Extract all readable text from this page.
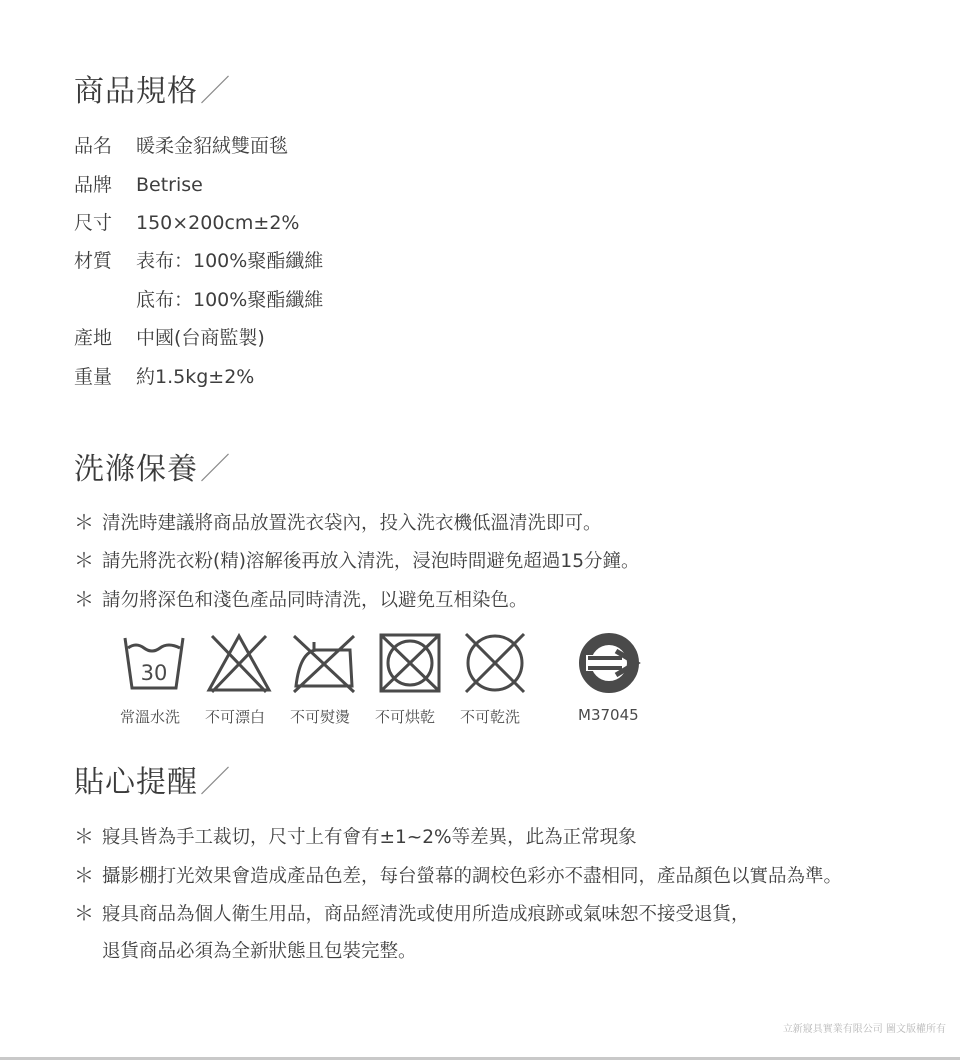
商品規格／
品名 暖柔金貂絨雙面毯
品牌 Betrise
尺寸 150×200cm±2%
材質 表布：100%聚酯纖維
底布：100%聚酯纖維
產地 中國(台商監製)
重量 約1.5kg±2%
洗滌保養／
＊ 清洗時建議將商品放置洗衣袋內，投入洗衣機低溫清洗即可。
＊ 請先將洗衣粉(精)溶解後再放入清洗，浸泡時間避免超過15分鐘。
＊ 請勿將深色和淺色產品同時清洗，以避免互相染色。
30
常溫水洗 不可漂白 不可熨燙 不可烘乾 不可乾洗	M37045
貼心提醒／
＊ 寢具皆為手工裁切，尺寸上有會有±1~2%等差異，此為正常現象
＊ 攝影棚打光效果會造成產品色差，每台螢幕的調校色彩亦不盡相同，產品顏色以實品為準。
＊ 寢具商品為個人衛生用品，商品經清洗或使用所造成痕跡或氣味恕不接受退貨，
退貨商品必須為全新狀態且包裝完整。
立新寢具實業有限公司 圖文版權所有
